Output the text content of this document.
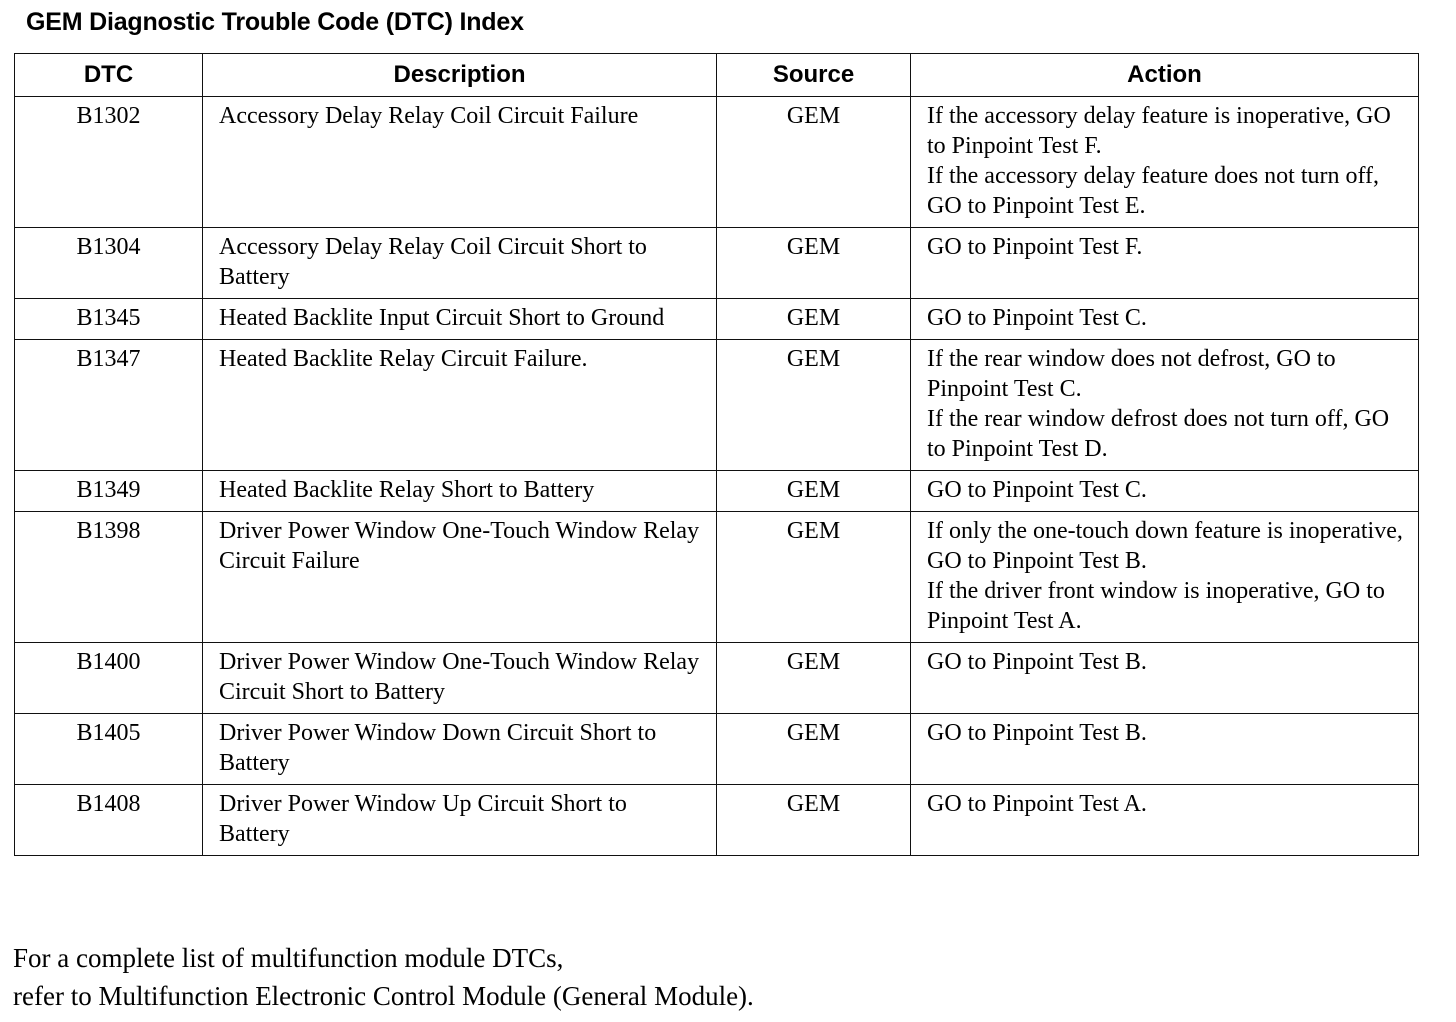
GEM Diagnostic Trouble Code (DTC) Index
DTC	Description	Source	Action
B1302	Accessory Delay Relay Coil Circuit Failure	GEM	If the accessory delay feature is inoperative, GO to Pinpoint Test F.
If the accessory delay feature does not turn off, GO to Pinpoint Test E.

B1304	Accessory Delay Relay Coil Circuit Short to Battery	GEM	GO to Pinpoint Test F.

B1345	Heated Backlite Input Circuit Short to Ground	GEM	GO to Pinpoint Test C.

B1347	Heated Backlite Relay Circuit Failure.	GEM	If the rear window does not defrost, GO to Pinpoint Test C.
If the rear window defrost does not turn off, GO to Pinpoint Test D.

B1349	Heated Backlite Relay Short to Battery	GEM	GO to Pinpoint Test C.

B1398	Driver Power Window One-Touch Window Relay Circuit Failure	GEM	If only the one-touch down feature is inoperative, GO to Pinpoint Test B.
If the driver front window is inoperative, GO to Pinpoint Test A.

B1400	Driver Power Window One-Touch Window Relay Circuit Short to Battery	GEM	GO to Pinpoint Test B.

B1405	Driver Power Window Down Circuit Short to Battery	GEM	GO to Pinpoint Test B.

B1408	Driver Power Window Up Circuit Short to Battery	GEM	GO to Pinpoint Test A.
For a complete list of multifunction module DTCs,
refer to Multifunction Electronic Control Module (General Module).
